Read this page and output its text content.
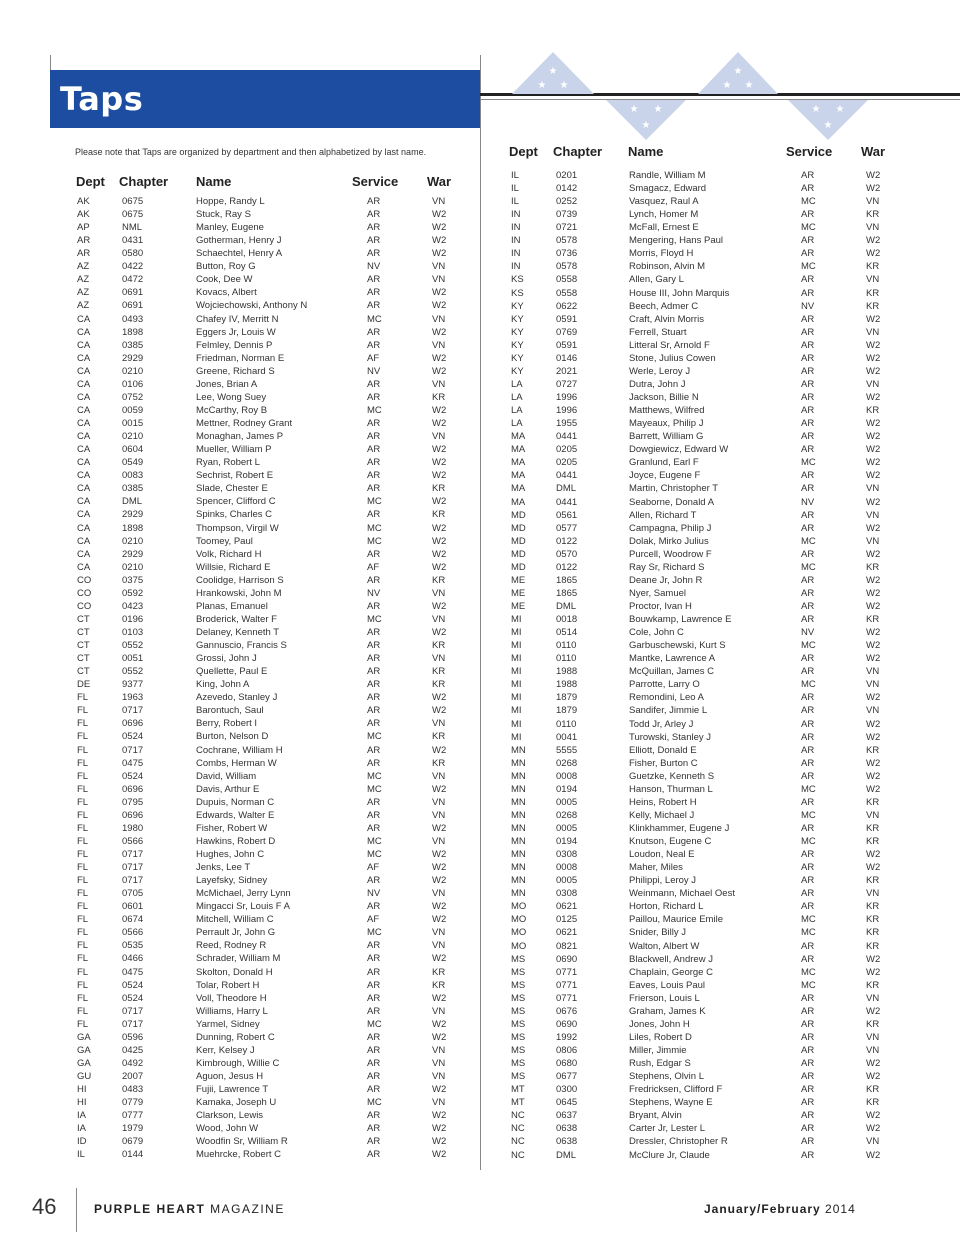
Taps
★
★ ★
★ ★
★
★
★ ★
★ ★
★
Please note that Taps are organized by department and then alphabetized by last name.
Dept Chapter Name	Service War
Dept Chapter Name	Service War
AK	0675	Hoppe, Randy L	AR	VN
AK	0675	Stuck, Ray S	AR	W2
AP	NML	Manley, Eugene	AR	W2
AR	0431	Gotherman, Henry J	AR	W2
AR	0580	Schaechtel, Henry A	AR	W2
AZ	0422	Button, Roy G	NV	VN
AZ	0472	Cook, Dee W	AR	VN
AZ	0691	Kovacs, Albert	AR	W2
AZ	0691	Wojciechowski, Anthony N	AR	W2
CA	0493	Chafey IV, Merritt N	MC	VN
CA	1898	Eggers Jr, Louis W	AR	W2
CA	0385	Felmley, Dennis P	AR	VN
CA	2929	Friedman, Norman E	AF	W2
CA	0210	Greene, Richard S	NV	W2
CA	0106	Jones, Brian A	AR	VN
CA	0752	Lee, Wong Suey	AR	KR
CA	0059	McCarthy, Roy B	MC	W2
CA	0015	Mettner, Rodney Grant	AR	W2
CA	0210	Monaghan, James P	AR	VN
CA	0604	Mueller, William P	AR	W2
CA	0549	Ryan, Robert L	AR	W2
CA	0083	Sechrist, Robert E	AR	W2
CA	0385	Slade, Chester E	AR	KR
CA	DML	Spencer, Clifford C	MC	W2
CA	2929	Spinks, Charles C	AR	KR
CA	1898	Thompson, Virgil W	MC	W2
CA	0210	Toomey, Paul	MC	W2
CA	2929	Volk, Richard H	AR	W2
CA	0210	Willsie, Richard E	AF	W2
CO	0375	Coolidge, Harrison S	AR	KR
CO	0592	Hrankowski, John M	NV	VN
CO	0423	Planas, Emanuel	AR	W2
CT	0196	Broderick, Walter F	MC	VN
CT	0103	Delaney, Kenneth T	AR	W2
CT	0552	Gannuscio, Francis S	AR	KR
CT	0051	Grossi, John J	AR	VN
CT	0552	Quellette, Paul E	AR	KR
DE	9377	King, John A	AR	KR
FL	1963	Azevedo, Stanley J	AR	W2
FL	0717	Barontuch, Saul	AR	W2
FL	0696	Berry, Robert I	AR	VN
FL	0524	Burton, Nelson D	MC	KR
FL	0717	Cochrane, William H	AR	W2
FL	0475	Combs, Herman W	AR	KR
FL	0524	David, William	MC	VN
FL	0696	Davis, Arthur E	MC	W2
FL	0795	Dupuis, Norman C	AR	VN
FL	0696	Edwards, Walter E	AR	VN
FL	1980	Fisher, Robert W	AR	W2
FL	0566	Hawkins, Robert D	MC	VN
FL	0717	Hughes, John C	MC	W2
FL	0717	Jenks, Lee T	AF	W2
FL	0717	Layefsky, Sidney	AR	W2
FL	0705	McMichael, Jerry Lynn	NV	VN
FL	0601	Mingacci Sr, Louis F A	AR	W2
FL	0674	Mitchell, William C	AF	W2
FL	0566	Perrault Jr, John G	MC	VN
FL	0535	Reed, Rodney R	AR	VN
FL	0466	Schrader, William M	AR	W2
FL	0475	Skolton, Donald H	AR	KR
FL	0524	Tolar, Robert H	AR	KR
FL	0524	Voll, Theodore H	AR	W2
FL	0717	Williams, Harry L	AR	VN
FL	0717	Yarmel, Sidney	MC	W2
GA	0596	Dunning, Robert C	AR	W2
GA	0425	Kerr, Kelsey J	AR	VN
GA	0492	Kimbrough, Willie C	AR	VN
GU	2007	Aguon, Jesus H	AR	VN
HI	0483	Fujii, Lawrence T	AR	W2
HI	0779	Kamaka, Joseph U	MC	VN
IA	0777	Clarkson, Lewis	AR	W2
IA	1979	Wood, John W	AR	W2
ID	0679	Woodfin Sr, William R	AR	W2
IL	0144	Muehrcke, Robert C	AR	W2
IL	0201	Randle, William M	AR	W2
IL	0142	Smagacz, Edward	AR	W2
IL	0252	Vasquez, Raul A	MC	VN
IN	0739	Lynch, Homer M	AR	KR
IN	0721	McFall, Ernest E	MC	VN
IN	0578	Mengering, Hans Paul	AR	W2
IN	0736	Morris, Floyd H	AR	W2
IN	0578	Robinson, Alvin M	MC	KR
KS	0558	Allen, Gary L	AR	VN
KS	0558	House III, John Marquis	AR	KR
KY	0622	Beech, Admer C	NV	KR
KY	0591	Craft, Alvin Morris	AR	W2
KY	0769	Ferrell, Stuart	AR	VN
KY	0591	Litteral Sr, Arnold F	AR	W2
KY	0146	Stone, Julius Cowen	AR	W2
KY	2021	Werle, Leroy J	AR	W2
LA	0727	Dutra, John J	AR	VN
LA	1996	Jackson, Billie N	AR	W2
LA	1996	Matthews, Wilfred	AR	KR
LA	1955	Mayeaux, Philip J	AR	W2
MA	0441	Barrett, William G	AR	W2
MA	0205	Dowgiewicz, Edward W	AR	W2
MA	0205	Granlund, Earl F	MC	W2
MA	0441	Joyce, Eugene F	AR	W2
MA	DML	Martin, Christopher T	AR	VN
MA	0441	Seaborne, Donald A	NV	W2
MD	0561	Allen, Richard T	AR	VN
MD	0577	Campagna, Philip J	AR	W2
MD	0122	Dolak, Mirko Julius	MC	VN
MD	0570	Purcell, Woodrow F	AR	W2
MD	0122	Ray Sr, Richard S	MC	KR
ME	1865	Deane Jr, John R	AR	W2
ME	1865	Nyer, Samuel	AR	W2
ME	DML	Proctor, Ivan H	AR	W2
MI	0018	Bouwkamp, Lawrence E	AR	KR
MI	0514	Cole, John C	NV	W2
MI	0110	Garbuschewski, Kurt S	MC	W2
MI	0110	Mantke, Lawrence A	AR	W2
MI	1988	McQuillan, James C	AR	VN
MI	1988	Parrotte, Larry O	MC	VN
MI	1879	Remondini, Leo A	AR	W2
MI	1879	Sandifer, Jimmie L	AR	VN
MI	0110	Todd Jr, Arley J	AR	W2
MI	0041	Turowski, Stanley J	AR	W2
MN	5555	Elliott, Donald E	AR	KR
MN	0268	Fisher, Burton C	AR	W2
MN	0008	Guetzke, Kenneth S	AR	W2
MN	0194	Hanson, Thurman L	MC	W2
MN	0005	Heins, Robert H	AR	KR
MN	0268	Kelly, Michael J	MC	VN
MN	0005	Klinkhammer, Eugene J	AR	KR
MN	0194	Knutson, Eugene C	MC	KR
MN	0308	Loudon, Neal E	AR	W2
MN	0008	Maher, Miles	AR	W2
MN	0005	Philippi, Leroy J	AR	KR
MN	0308	Weinmann, Michael Oest	AR	VN
MO	0621	Horton, Richard L	AR	KR
MO	0125	Paillou, Maurice Emile	MC	KR
MO	0621	Snider, Billy J	MC	KR
MO	0821	Walton, Albert W	AR	KR
MS	0690	Blackwell, Andrew J	AR	W2
MS	0771	Chaplain, George C	MC	W2
MS	0771	Eaves, Louis Paul	MC	KR
MS	0771	Frierson, Louis L	AR	VN
MS	0676	Graham, James K	AR	W2
MS	0690	Jones, John H	AR	KR
MS	1992	Liles, Robert D	AR	VN
MS	0806	Miller, Jimmie	AR	VN
MS	0680	Rush, Edgar S	AR	W2
MS	0677	Stephens, Olvin L	AR	W2
MT	0300	Fredricksen, Clifford F	AR	KR
MT	0645	Stephens, Wayne E	AR	KR
NC	0637	Bryant, Alvin	AR	W2
NC	0638	Carter Jr, Lester L	AR	W2
NC	0638	Dressler, Christopher R	AR	VN
NC	DML	McClure Jr, Claude	AR	W2
46	PURPLE HEART MAGAZINE	January/February 2014
